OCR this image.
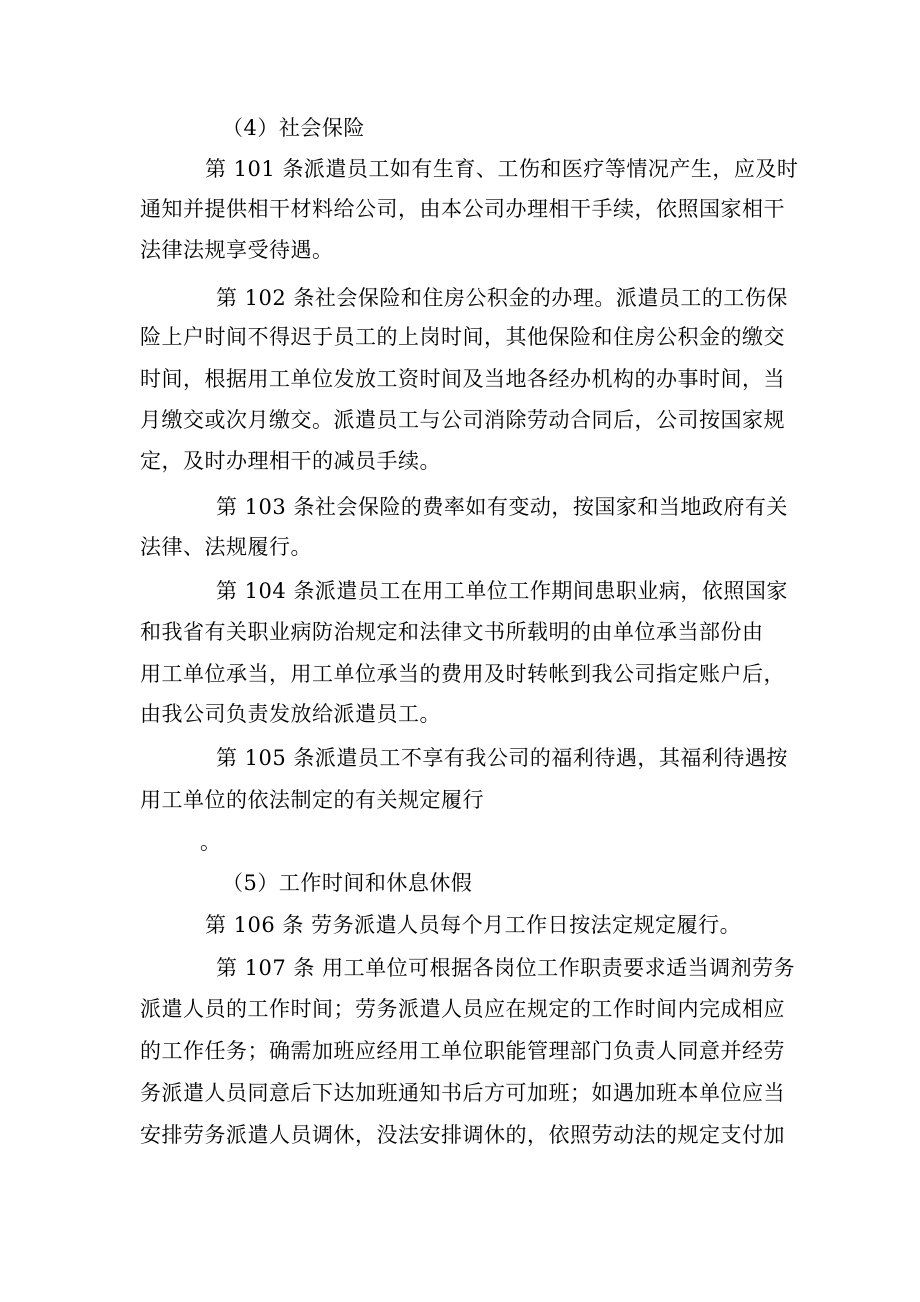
（4）社会保险
第 101 条派遣员工如有生育、工伤和医疗等情况产生，应及时
通知并提供相干材料给公司，由本公司办理相干手续，依照国家相干
法律法规享受待遇。
第 102 条社会保险和住房公积金的办理。派遣员工的工伤保
险上户时间不得迟于员工的上岗时间，其他保险和住房公积金的缴交
时间，根据用工单位发放工资时间及当地各经办机构的办事时间，当
月缴交或次月缴交。派遣员工与公司消除劳动合同后，公司按国家规
定，及时办理相干的减员手续。
第 103 条社会保险的费率如有变动，按国家和当地政府有关
法律、法规履行。
第 104 条派遣员工在用工单位工作期间患职业病，依照国家
和我省有关职业病防治规定和法律文书所载明的由单位承当部份由
用工单位承当，用工单位承当的费用及时转帐到我公司指定账户后，
由我公司负责发放给派遣员工。
第 105 条派遣员工不享有我公司的福利待遇，其福利待遇按
用工单位的依法制定的有关规定履行
。
（5）工作时间和休息休假
第 106 条 劳务派遣人员每个月工作日按法定规定履行。
第 107 条 用工单位可根据各岗位工作职责要求适当调剂劳务
派遣人员的工作时间；劳务派遣人员应在规定的工作时间内完成相应
的工作任务；确需加班应经用工单位职能管理部门负责人同意并经劳
务派遣人员同意后下达加班通知书后方可加班；如遇加班本单位应当
安排劳务派遣人员调休，没法安排调休的，依照劳动法的规定支付加
